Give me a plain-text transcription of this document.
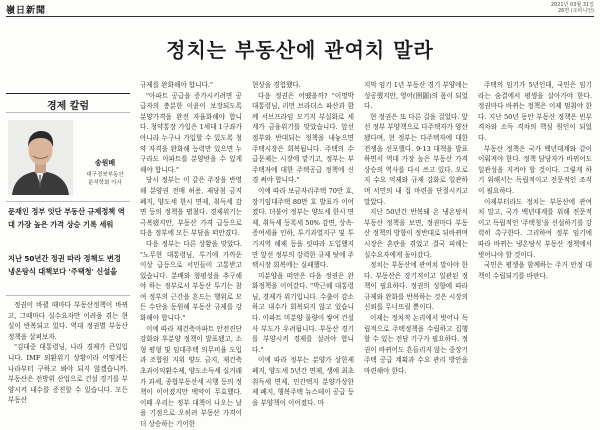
嶺日新聞
2021년 03월 31일
26면 (오피니언)
정치는 부동산에 관여치 말라
경제 칼럼
송원배
대구경북부동산
분석학회 이사
문재인 정부 잇단 부동산 규제정책 역대 가장 높은 가격 상승 기록 세워
지난 50년간 정권 따라 정책도 변경 냉온탕식 대책보다 '주택청' 신설을

정권이 바뀔 때마다 부동산정책이 바뀌고, 그때마다 실수요자만 어려움 겪는 현실이 반복되고 있다. 역대 정권별 부동산정책을 살펴보자.

"김대중 대통령님, 나라 경제가 큰일입니다. IMF 외환위기 상황이라 어떻게든 나라부터 구하고 봐야 되지 않겠습니까. 부동산은 전방위 산업으로 건설 경기를 부양시켜 내수를 증진할 수 있습니다. 모든 부동산

규제를 완화해야 합니다."

"아파트 공급을 증가시키려면 공급자의 충분한 이윤이 보장되도록 분양가격을 완전 자율화해야 합니다. 청약통장 가입은 1세대 1구좌가 아니라 누구나 가입할 수 있도록 청약 자격을 완화해 능력만 있으면 누구라도 아파트를 분양받을 수 있게 해야 합니다."

당시 정부는 이 같은 주장을 반영해 분양권 전매 허용, 재당첨 금지 폐지, 양도세 한시 면제, 취득세 감면 등의 정책을 펼쳤다. 경제위기는 극복됐지만, 부동산 가격 급등으로 다음 정부에 모든 부담을 떠안겼다.

다음 정부는 다른 상황을 맞았다. "노무현 대통령님, 투기에 가까운 이상 급등으로 서민들이 고통받고 있습니다. 분배와 형평성을 추구해야 하는 정부로서 부동산 투기는 참여 정부의 근간을 흔드는 행위로 모든 수단을 동원해 부동산 규제를 강화해야 합니다."

이에 따라 재건축아파트 안전진단 강화와 후분양 정책이 발표됐고, 소형 평형 및 임대주택 의무비율 도입과 조합원 지위 양도 금지, 재건축 초과이익환수제, 양도소득세 실거래가 과세, 종합부동산세 시행 등의 정책이 이어졌지만 백약이 무효했다. 이때 우리는 정부 대책이 나오는 날을 기점으로 오히려 부동산 가격이 더 상승하는 기이한

현상을 경험했다.

다음 정권은 어땠을까? "이명박 대통령님, 리먼 브라더스 파산과 함께 서브프라임 모기지 부실화로 세계가 금융위기를 맞았습니다. 앞선 정부와 반대되는 정책을 내놓으면 주택시장은 회복됩니다. 주택의 수급문제는 시장에 맡기고, 정부는 부주택자에 대한 주택공급 정책에 신경 써야 합니다."

이에 따라 보금자리주택 70만 호, 장기임대주택 80만 호 발표가 이어졌다. 더불어 정부는 양도세 한시 면제, 취득세 등록세 50% 감면, 상속·증여세율 인하, 투기과열지구 및 투기지역 해제 등을 잇따라 도입했지만 앞선 정부의 강력한 규제 탓에 주택시장 회복에는 실패했다.

미분양을 떠안은 다음 정권은 완화정책을 이어갔다. "박근혜 대통령님, 경제가 위기입니다. 수출이 감소하고 내수가 회복되지 않고 있습니다. 아파트 미분양 물량이 쌓여 건설사 부도가 우려됩니다. 부동산 경기를 부양시켜 경제를 살려야 합니다."

이에 따라 정부는 분양가 상한제 폐지, 양도세 5년간 면제, 생애 최초 취득세 면제, 민간택지 분양가상한제 폐지, 행복주택 뉴스테이 공급 등을 부양책이 이어졌다. 마

지막 임기 1년 부동산 경기 부양에는 성공했지만, 영어(囹圄)의 몸이 되었다.

현 정권은 또 다른 길을 걸었다. 앞선 정부 부양책으로 다주택자가 양산됐다며, 현 정부는 다주택자에 대한 전쟁을 선포했다. 9·13 대책을 발표하면서 역대 가장 높은 부동산 가격 상승의 역사를 다시 쓰고 있다. 오로지 수요 억제와 규제 강화로 일관하며 서민의 내 집 마련을 단절시키고 말았다.

지난 50년간 반복돼 온 냉온탕식 부동산 정책을 보면, 정권마다 부동산 정책의 방향이 정반대로 뒤바뀌며 시장은 혼란을 겪었고 결국 피해는 실수요자에게 돌아갔다.

정치는 부동산에 관여치 말아야 한다. 부동산은 장기적이고 일관된 정책이 필요하다. 정권의 성향에 따라 규제와 완화를 반복하는 것은 시장의 신뢰를 무너뜨릴 뿐이다.

이제는 정치적 논리에서 벗어나 독립적으로 주택정책을 수립하고 집행할 수 있는 전담 기구가 필요하다. 정권이 바뀌어도 흔들리지 않는 중장기 주택 공급 계획과 수요 관리 방안을 마련해야 한다.

주택의 임기가 5년인데, 국민은 임기라는 숨결에서 평생을 살아가야 한다. 정권마다 바뀌는 정책은 이제 멈춰야 한다. 지난 50년 동안 부동산 정책은 빈부격차와 소득 격차의 핵심 원인이 되었다.

부동산 정책은 국가 백년대계와 같이 이뤄져야 한다. 정책 담당자가 바뀌어도 일관성을 지켜야 할 것이다. 그렇게 하기 위해서는 독립적이고 전문적인 조직이 필요하다.

이제부터라도 정치는 부동산에 관여치 말고, 국가 백년대계를 위해 전문적이고 독립적인 '주택청'을 신설하기를 강력히 촉구한다. 그리하여 정부 임기에 따라 바뀌는 냉온탕식 부동산 정책에서 벗어나야 할 것이다.

국민은 평생을 함께하는 주거 안정 대책이 수립되기를 바란다.
